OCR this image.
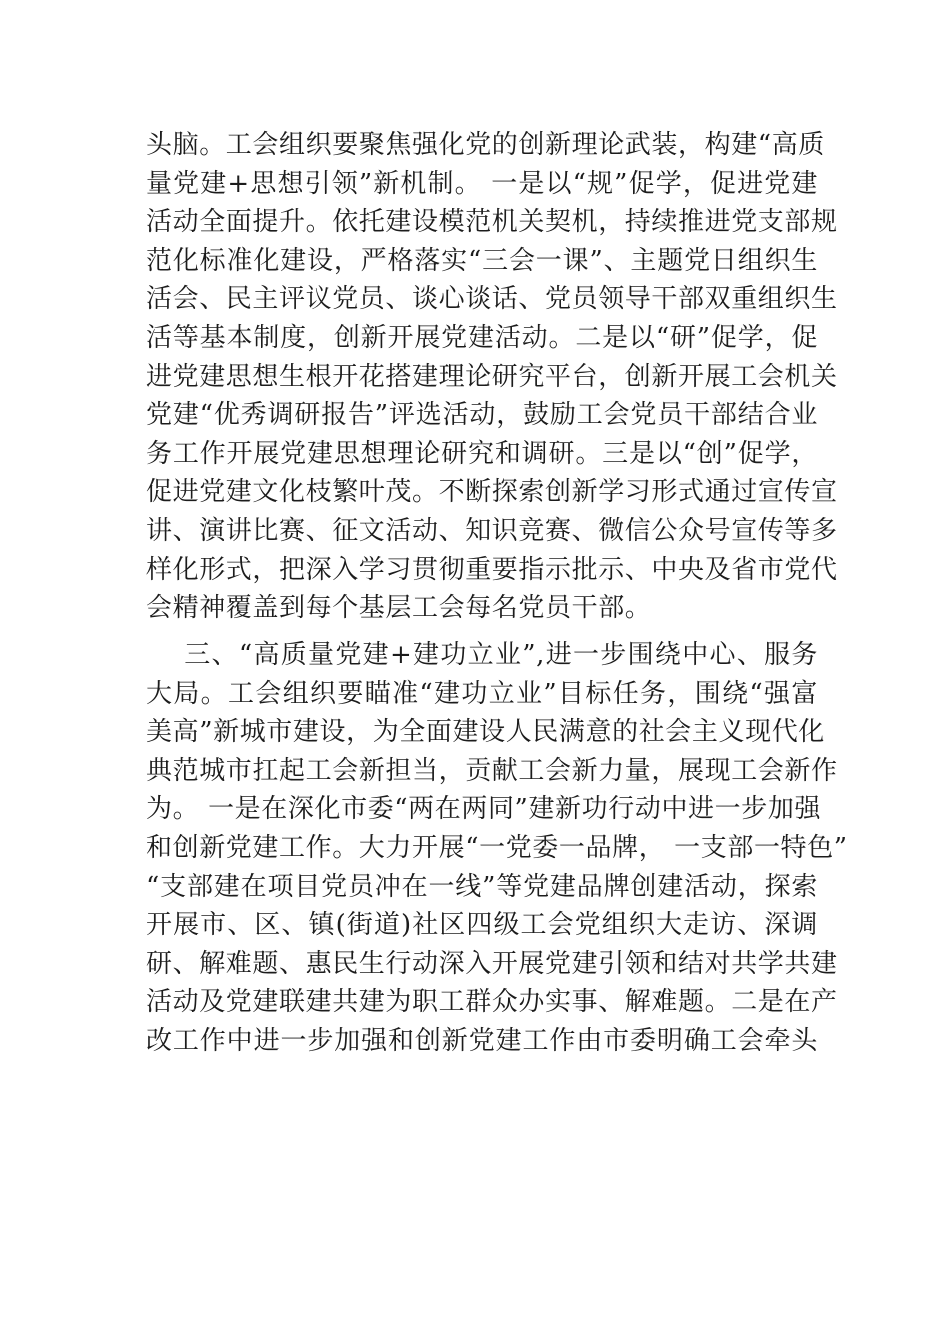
头脑。工会组织要聚焦强化党的创新理论武装，构建“高质
量党建+思想引领”新机制。 一是以“规”促学，促进党建
活动全面提升。依托建设模范机关契机，持续推进党支部规
范化标准化建设，严格落实“三会一课”、主题党日组织生
活会、民主评议党员、谈心谈话、党员领导干部双重组织生
活等基本制度，创新开展党建活动。二是以“研”促学，促
进党建思想生根开花搭建理论研究平台，创新开展工会机关
党建“优秀调研报告”评选活动，鼓励工会党员干部结合业
务工作开展党建思想理论研究和调研。三是以“创”促学，
促进党建文化枝繁叶茂。不断探索创新学习形式通过宣传宣
讲、演讲比赛、征文活动、知识竞赛、微信公众号宣传等多
样化形式，把深入学习贯彻重要指示批示、中央及省市党代
会精神覆盖到每个基层工会每名党员干部。
三、“高质量党建+建功立业”,进一步围绕中心、服务
大局。工会组织要瞄准“建功立业”目标任务，围绕“强富
美高”新城市建设，为全面建设人民满意的社会主义现代化
典范城市扛起工会新担当，贡献工会新力量，展现工会新作
为。 一是在深化市委“两在两同”建新功行动中进一步加强
和创新党建工作。大力开展“一党委一品牌， 一支部一特色”
“支部建在项目党员冲在一线”等党建品牌创建活动，探索
开展市、区、镇(街道)社区四级工会党组织大走访、深调
研、解难题、惠民生行动深入开展党建引领和结对共学共建
活动及党建联建共建为职工群众办实事、解难题。二是在产
改工作中进一步加强和创新党建工作由市委明确工会牵头
